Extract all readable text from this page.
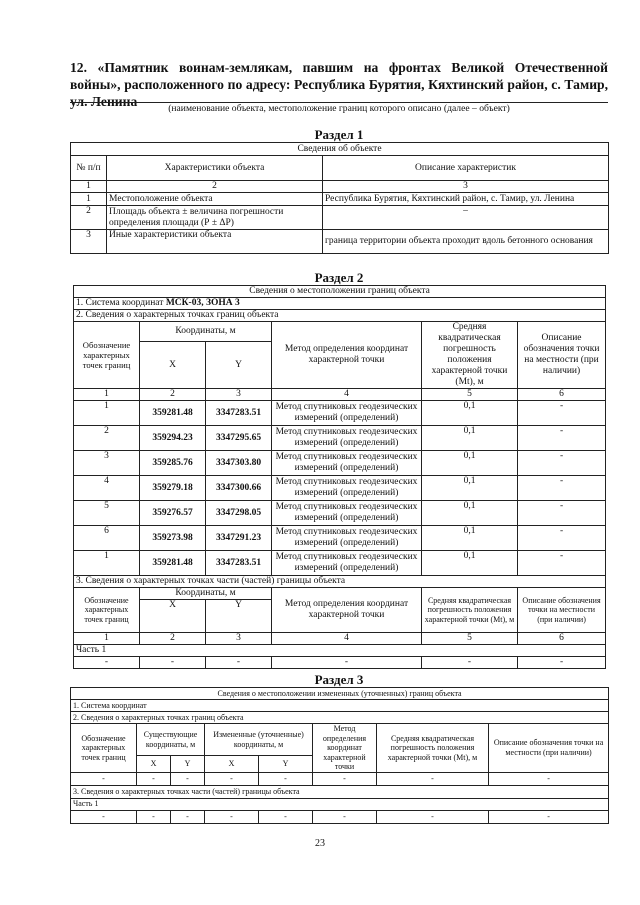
12. «Памятник воинам-землякам, павшим на фронтах Великой Отечественной войны», расположенного по адресу: Республика Бурятия, Кяхтинский район, с. Тамир, ул. Ленина	(наименование объекта, местоположение границ которого описано (далее – объект)
Раздел 1
Сведения об объекте		
№ п/п	Характеристики объекта	Описание характеристик
1	2	3
1	Местоположение объекта	Республика Бурятия, Кяхтинский район, с. Тамир, ул. Ленина
2	Площадь объекта ± величина погрешности определения площади (Р ± ΔР)	–
3	Иные характеристики объекта	граница территории объекта проходит вдоль бетонного основания
Раздел 2
Сведения о местоположении границ объекта					
1. Система координат МСК-03, ЗОНА 3					
2. Сведения о характерных точках границ объекта					
Обозначение характерных точек границ	Координаты, м		Метод определения координат характерной точки	Средняя квадратическая погрешность положения характерной точки (Mt), м	Описание обозначения точки на местности (при наличии)
	X	Y			
1	2	3	4	5	6
1	359281.48	3347283.51	Метод спутниковых геодезических измерений (определений)	0,1	-
2	359294.23	3347295.65	Метод спутниковых геодезических измерений (определений)	0,1	-
3	359285.76	3347303.80	Метод спутниковых геодезических измерений (определений)	0,1	-
4	359279.18	3347300.66	Метод спутниковых геодезических измерений (определений)	0,1	-
5	359276.57	3347298.05	Метод спутниковых геодезических измерений (определений)	0,1	-
6	359273.98	3347291.23	Метод спутниковых геодезических измерений (определений)	0,1	-
1	359281.48	3347283.51	Метод спутниковых геодезических измерений (определений)	0,1	-
3. Сведения о характерных точках части (частей) границы объекта					
Обозначение характерных точек границ	Координаты, м		Метод определения координат характерной точки	Средняя квадратическая погрешность положения характерной точки (Mt), м	Описание обозначения точки на местности (при наличии)
	X	Y			
1	2	3	4	5	6
Часть 1					
-	-	-	-	-	-
Раздел 3
Сведения о местоположении измененных (уточненных) границ объекта							
1. Система координат							
2. Сведения о характерных точках границ объекта							
Обозначение характерных точек границ	Существующие координаты, м		Измененные (уточненные) координаты, м		Метод определения координат характерной точки	Средняя квадратическая погрешность положения характерной точки (Mt), м	Описание обозначения точки на местности (при наличии)
	X	Y	X	Y			
-	-	-	-	-	-	-	-
3. Сведения о характерных точках части (частей) границы объекта							
Часть 1							
-	-	-	-	-	-	-	-
23
